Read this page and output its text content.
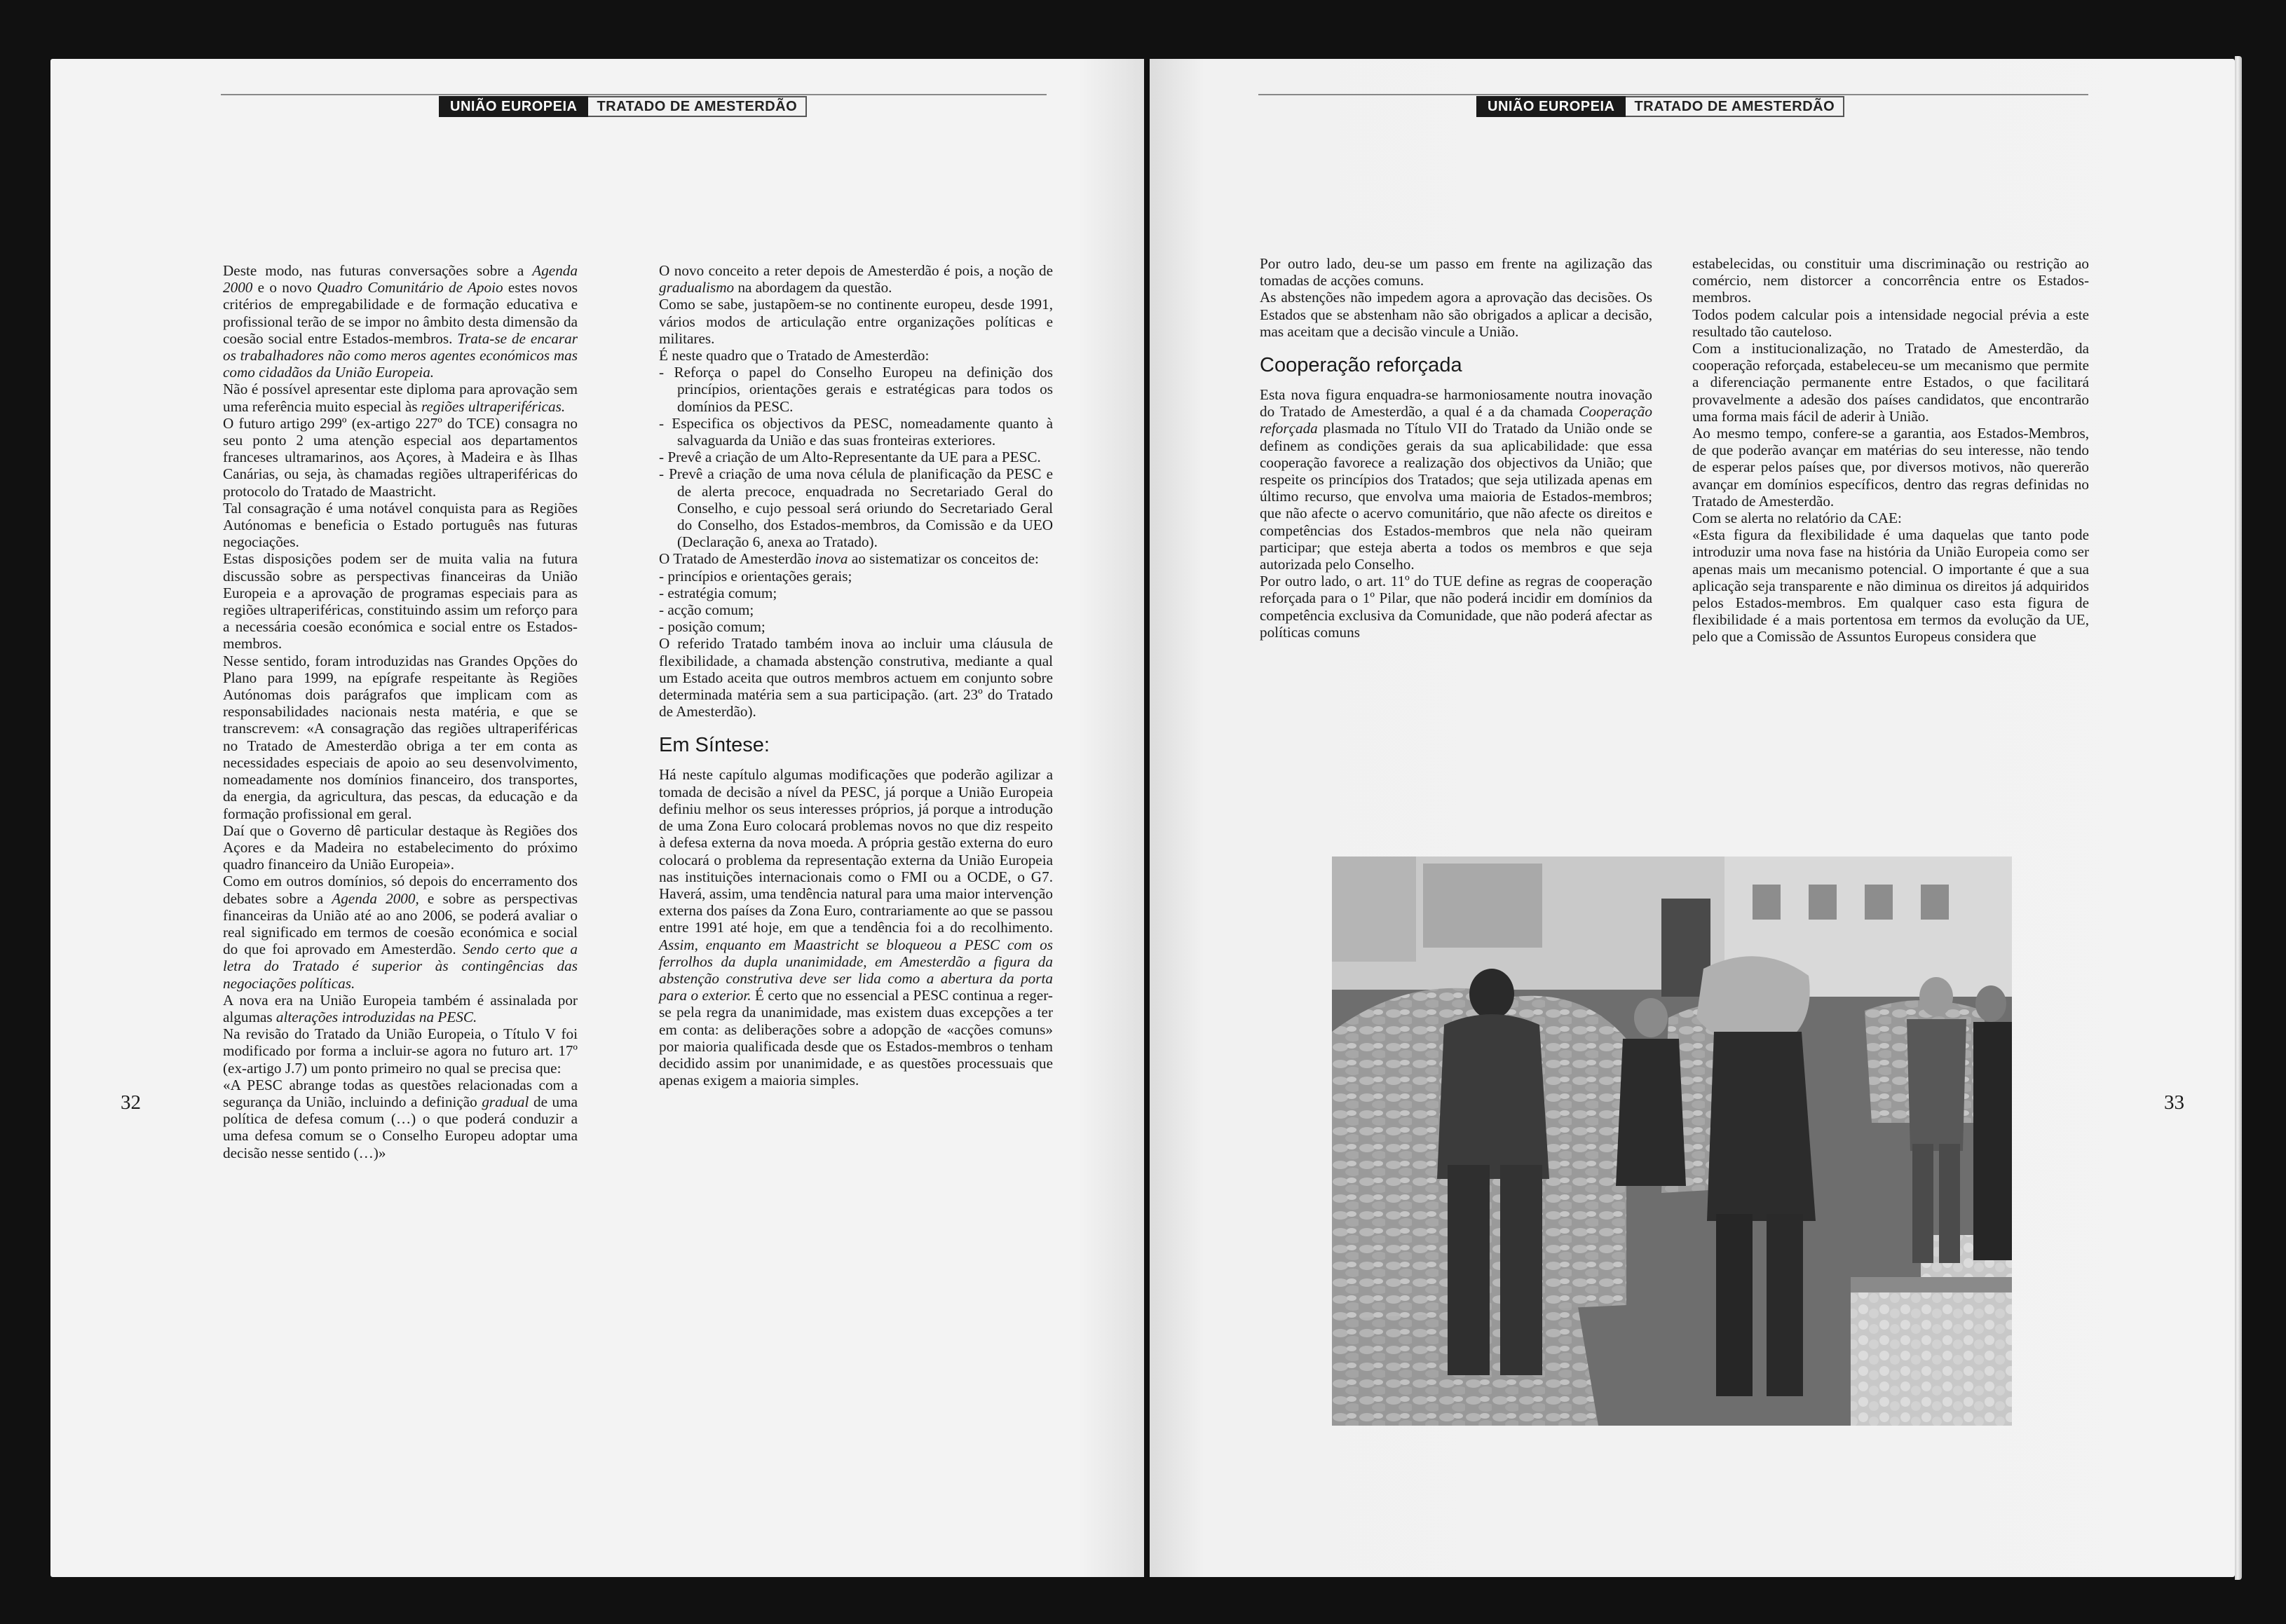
UNIÃO EUROPEIA	TRATADO DE AMESTERDÃO	UNIÃO EUROPEIA	TRATADO DE AMESTERDÃO
32	33

Deste modo, nas futuras conversações sobre a Agenda 2000 e o novo Quadro Comunitário de Apoio estes novos critérios de empregabilidade e de formação educativa e profissional terão de se impor no âmbito desta dimensão da coesão social entre Estados-membros. Trata-se de encarar os trabalhadores não como meros agentes económicos mas como cidadãos da União Europeia.

Não é possível apresentar este diploma para aprovação sem uma referência muito especial às regiões ultraperiféricas.

O futuro artigo 299º (ex-artigo 227º do TCE) consagra no seu ponto 2 uma atenção especial aos departamentos franceses ultramarinos, aos Açores, à Madeira e às Ilhas Canárias, ou seja, às chamadas regiões ultraperiféricas do protocolo do Tratado de Maastricht.

Tal consagração é uma notável conquista para as Regiões Autónomas e beneficia o Estado português nas futuras negociações.

Estas disposições podem ser de muita valia na futura discussão sobre as perspectivas financeiras da União Europeia e a aprovação de programas especiais para as regiões ultraperiféricas, constituindo assim um reforço para a necessária coesão económica e social entre os Estados-membros.

Nesse sentido, foram introduzidas nas Grandes Opções do Plano para 1999, na epígrafe respeitante às Regiões Autónomas dois parágrafos que implicam com as responsabilidades nacionais nesta matéria, e que se transcrevem: «A consagração das regiões ultraperiféricas no Tratado de Amesterdão obriga a ter em conta as necessidades especiais de apoio ao seu desenvolvimento, nomeadamente nos domínios financeiro, dos transportes, da energia, da agricultura, das pescas, da educação e da formação profissional em geral.

Daí que o Governo dê particular destaque às Regiões dos Açores e da Madeira no estabelecimento do próximo quadro financeiro da União Europeia».

Como em outros domínios, só depois do encerramento dos debates sobre a Agenda 2000, e sobre as perspectivas financeiras da União até ao ano 2006, se poderá avaliar o real significado em termos de coesão económica e social do que foi aprovado em Amesterdão. Sendo certo que a letra do Tratado é superior às contingências das negociações políticas.

A nova era na União Europeia também é assinalada por algumas alterações introduzidas na PESC.

Na revisão do Tratado da União Europeia, o Título V foi modificado por forma a incluir-se agora no futuro art. 17º (ex-artigo J.7) um ponto primeiro no qual se precisa que:

«A PESC abrange todas as questões relacionadas com a segurança da União, incluindo a definição gradual de uma política de defesa comum (…) o que poderá conduzir a uma defesa comum se o Conselho Europeu adoptar uma decisão nesse sentido (…)»

O novo conceito a reter depois de Amesterdão é pois, a noção de gradualismo na abordagem da questão.

Como se sabe, justapõem-se no continente europeu, desde 1991, vários modos de articulação entre organizações políticas e militares.

É neste quadro que o Tratado de Amesterdão:

- Reforça o papel do Conselho Europeu na definição dos princípios, orientações gerais e estratégicas para todos os domínios da PESC.

- Especifica os objectivos da PESC, nomeadamente quanto à salvaguarda da União e das suas fronteiras exteriores.

- Prevê a criação de um Alto-Representante da UE para a PESC.

- Prevê a criação de uma nova célula de planificação da PESC e de alerta precoce, enquadrada no Secretariado Geral do Conselho, e cujo pessoal será oriundo do Secretariado Geral do Conselho, dos Estados-membros, da Comissão e da UEO (Declaração 6, anexa ao Tratado).

O Tratado de Amesterdão inova ao sistematizar os conceitos de:

- princípios e orientações gerais;

- estratégia comum;

- acção comum;

- posição comum;

O referido Tratado também inova ao incluir uma cláusula de flexibilidade, a chamada abstenção construtiva, mediante a qual um Estado aceita que outros membros actuem em conjunto sobre determinada matéria sem a sua participação. (art. 23º do Tratado de Amesterdão).

Em Síntese:

Há neste capítulo algumas modificações que poderão agilizar a tomada de decisão a nível da PESC, já porque a União Europeia definiu melhor os seus interesses próprios, já porque a introdução de uma Zona Euro colocará problemas novos no que diz respeito à defesa externa da nova moeda. A própria gestão externa do euro colocará o problema da representação externa da União Europeia nas instituições internacionais como o FMI ou a OCDE, o G7. Haverá, assim, uma tendência natural para uma maior intervenção externa dos países da Zona Euro, contrariamente ao que se passou entre 1991 até hoje, em que a tendência foi a do recolhimento. Assim, enquanto em Maastricht se bloqueou a PESC com os ferrolhos da dupla unanimidade, em Amesterdão a figura da abstenção construtiva deve ser lida como a abertura da porta para o exterior. É certo que no essencial a PESC continua a reger-se pela regra da unanimidade, mas existem duas excepções a ter em conta: as deliberações sobre a adopção de «acções comuns» por maioria qualificada desde que os Estados-membros o tenham decidido assim por unanimidade, e as questões processuais que apenas exigem a maioria simples.

Por outro lado, deu-se um passo em frente na agilização das tomadas de acções comuns.

As abstenções não impedem agora a aprovação das decisões. Os Estados que se abstenham não são obrigados a aplicar a decisão, mas aceitam que a decisão vincule a União.

Cooperação reforçada

Esta nova figura enquadra-se harmoniosamente noutra inovação do Tratado de Amesterdão, a qual é a da chamada Cooperação reforçada plasmada no Título VII do Tratado da União onde se definem as condições gerais da sua aplicabilidade: que essa cooperação favorece a realização dos objectivos da União; que respeite os princípios dos Tratados; que seja utilizada apenas em último recurso, que envolva uma maioria de Estados-membros; que não afecte o acervo comunitário, que não afecte os direitos e competências dos Estados-membros que nela não queiram participar; que esteja aberta a todos os membros e que seja autorizada pelo Conselho.

Por outro lado, o art. 11º do TUE define as regras de cooperação reforçada para o 1º Pilar, que não poderá incidir em domínios da competência exclusiva da Comunidade, que não poderá afectar as políticas comuns

estabelecidas, ou constituir uma discriminação ou restrição ao comércio, nem distorcer a concorrência entre os Estados-membros.

Todos podem calcular pois a intensidade negocial prévia a este resultado tão cauteloso.

Com a institucionalização, no Tratado de Amesterdão, da cooperação reforçada, estabeleceu-se um mecanismo que permite a diferenciação permanente entre Estados, o que facilitará provavelmente a adesão dos países candidatos, que encontrarão uma forma mais fácil de aderir à União.

Ao mesmo tempo, confere-se a garantia, aos Estados-Membros, de que poderão avançar em matérias do seu interesse, não tendo de esperar pelos países que, por diversos motivos, não quererão avançar em domínios específicos, dentro das regras definidas no Tratado de Amesterdão.

Com se alerta no relatório da CAE:

«Esta figura da flexibilidade é uma daquelas que tanto pode introduzir uma nova fase na história da União Europeia como ser apenas mais um mecanismo potencial. O importante é que a sua aplicação seja transparente e não diminua os direitos já adquiridos pelos Estados-membros. Em qualquer caso esta figura de flexibilidade é a mais portentosa em termos da evolução da UE, pelo que a Comissão de Assuntos Europeus considera que
